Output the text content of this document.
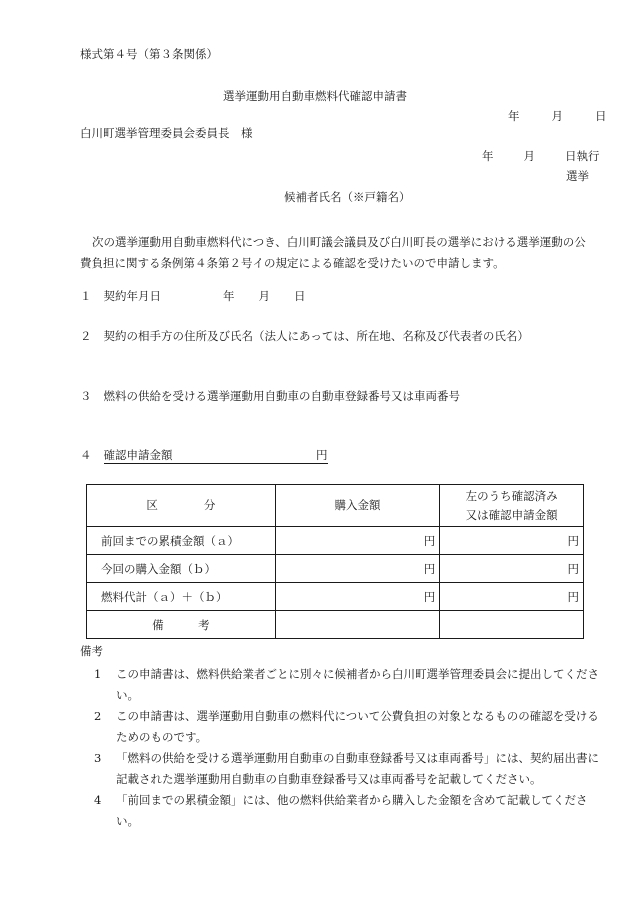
様式第４号（第３条関係）
選挙運動用自動車燃料代確認申請書
年	月	日
白川町選挙管理委員会委員長　様
年	月	日執行
選挙
候補者氏名（※戸籍名）
次の選挙運動用自動車燃料代につき、白川町議会議員及び白川町長の選挙における選挙運動の公費負担に関する条例第４条第２号イの規定による確認を受けたいので申請します。
１ 契約年月日	年 月 日
２ 契約の相手方の住所及び氏名（法人にあっては、所在地、名称及び代表者の氏名）
３ 燃料の供給を受ける選挙運動用自動車の自動車登録番号又は車両番号
４ 確認申請金額	円
区　　　　分	購入金額	左のうち確認済み
又は確認申請金額
前回までの累積金額（ａ）	円	円
今回の購入金額（ｂ）	円	円
燃料代計（ａ）＋（ｂ）	円	円
備　　　考		
備考
1	この申請書は、燃料供給業者ごとに別々に候補者から白川町選挙管理委員会に提出してください。
2	この申請書は、選挙運動用自動車の燃料代について公費負担の対象となるものの確認を受けるためのものです。
3	「燃料の供給を受ける選挙運動用自動車の自動車登録番号又は車両番号」には、契約届出書に記載された選挙運動用自動車の自動車登録番号又は車両番号を記載してください。
4	「前回までの累積金額」には、他の燃料供給業者から購入した金額を含めて記載してください。
